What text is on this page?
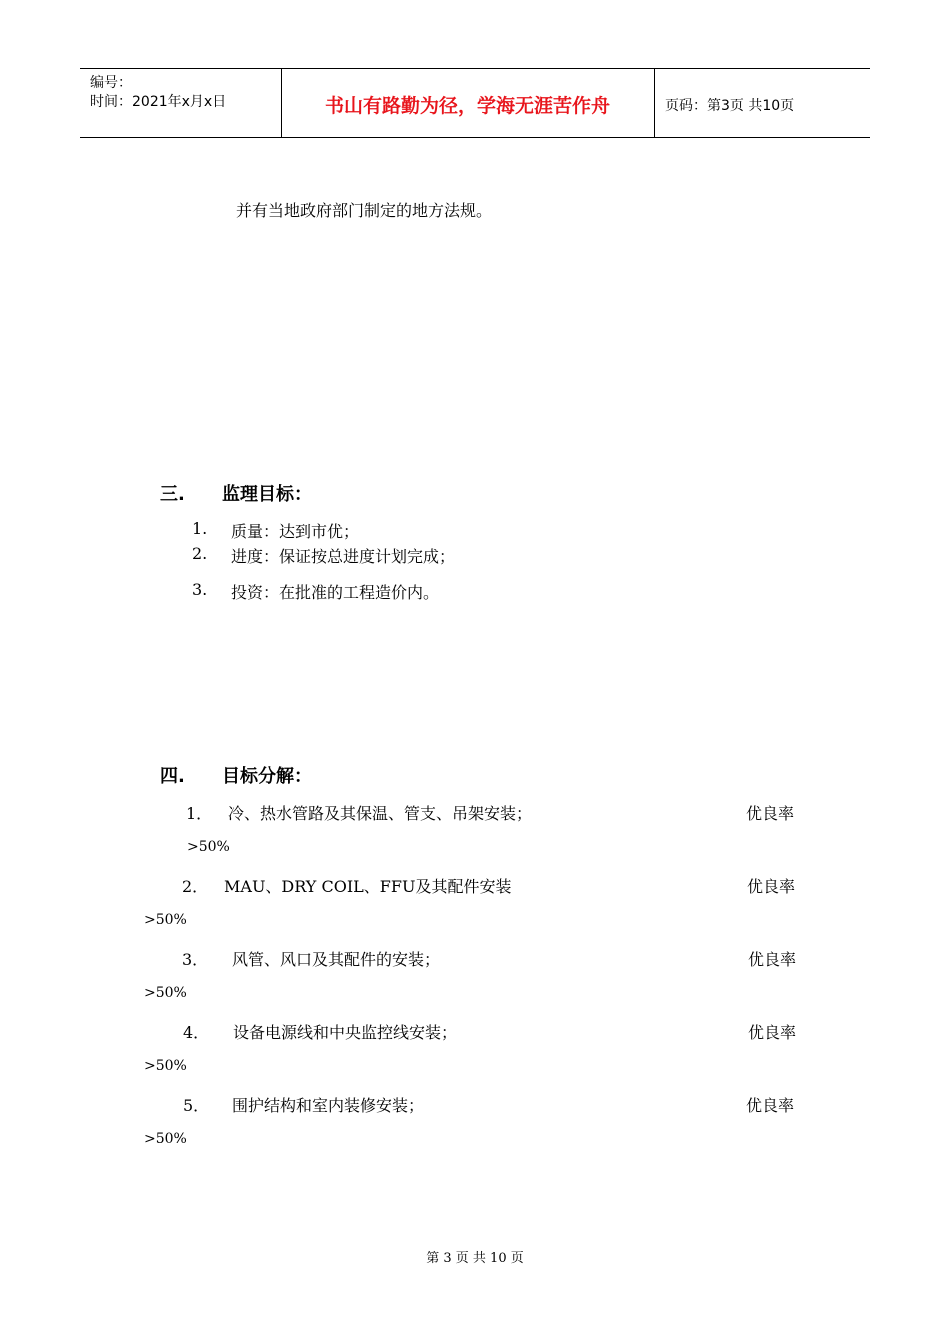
编号：
时间：2021年x月x日	书山有路勤为径，学海无涯苦作舟	页码：第3页 共10页
并有当地政府部门制定的地方法规。
三. 监理目标：
1. 质量：达到市优；
2. 进度：保证按总进度计划完成；
3. 投资：在批准的工程造价内。
四. 目标分解：
1． 冷、热水管路及其保温、管支、吊架安装；	优良率
>50%
2． MAU、DRY COIL、FFU及其配件安装	优良率
>50%
3． 风管、风口及其配件的安装；	优良率
>50%
4． 设备电源线和中央监控线安装；	优良率
>50%
5． 围护结构和室内装修安装；	优良率
>50%
第 3 页 共 10 页
